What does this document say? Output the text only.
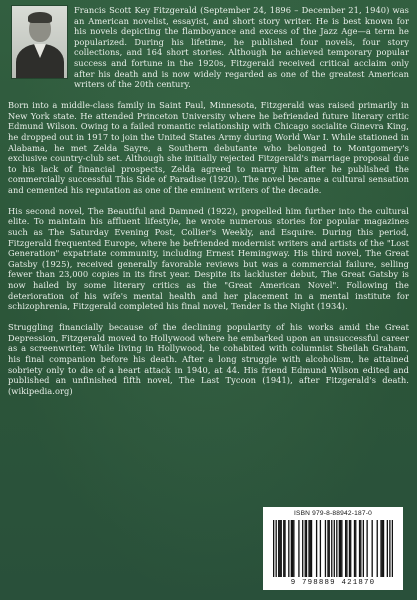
Francis Scott Key Fitzgerald (September 24, 1896 – December 21, 1940) was an American novelist, essayist, and short story writer. He is best known for his novels depicting the flamboyance and excess of the Jazz Age—a term he popularized. During his lifetime, he published four novels, four story collections, and 164 short stories. Although he achieved temporary popular success and fortune in the 1920s, Fitzgerald received critical acclaim only after his death and is now widely regarded as one of the greatest American writers of the 20th century.

Born into a middle-class family in Saint Paul, Minnesota, Fitzgerald was raised primarily in New York state. He attended Princeton University where he befriended future literary critic Edmund Wilson. Owing to a failed romantic relationship with Chicago socialite Ginevra King, he dropped out in 1917 to join the United States Army during World War I. While stationed in Alabama, he met Zelda Sayre, a Southern debutante who belonged to Montgomery's exclusive country-club set. Although she initially rejected Fitzgerald's marriage proposal due to his lack of financial prospects, Zelda agreed to marry him after he published the commercially successful This Side of Paradise (1920). The novel became a cultural sensation and cemented his reputation as one of the eminent writers of the decade.

His second novel, The Beautiful and Damned (1922), propelled him further into the cultural elite. To maintain his affluent lifestyle, he wrote numerous stories for popular magazines such as The Saturday Evening Post, Collier's Weekly, and Esquire. During this period, Fitzgerald frequented Europe, where he befriended modernist writers and artists of the "Lost Generation" expatriate community, including Ernest Hemingway. His third novel, The Great Gatsby (1925), received generally favorable reviews but was a commercial failure, selling fewer than 23,000 copies in its first year. Despite its lackluster debut, The Great Gatsby is now hailed by some literary critics as the "Great American Novel". Following the deterioration of his wife's mental health and her placement in a mental institute for schizophrenia, Fitzgerald completed his final novel, Tender Is the Night (1934).

Struggling financially because of the declining popularity of his works amid the Great Depression, Fitzgerald moved to Hollywood where he embarked upon an unsuccessful career as a screenwriter. While living in Hollywood, he cohabited with columnist Sheilah Graham, his final companion before his death. After a long struggle with alcoholism, he attained sobriety only to die of a heart attack in 1940, at 44. His friend Edmund Wilson edited and published an unfinished fifth novel, The Last Tycoon (1941), after Fitzgerald's death. (wikipedia.org)

ISBN 979-8-88942-187-0
9 798889 421870
